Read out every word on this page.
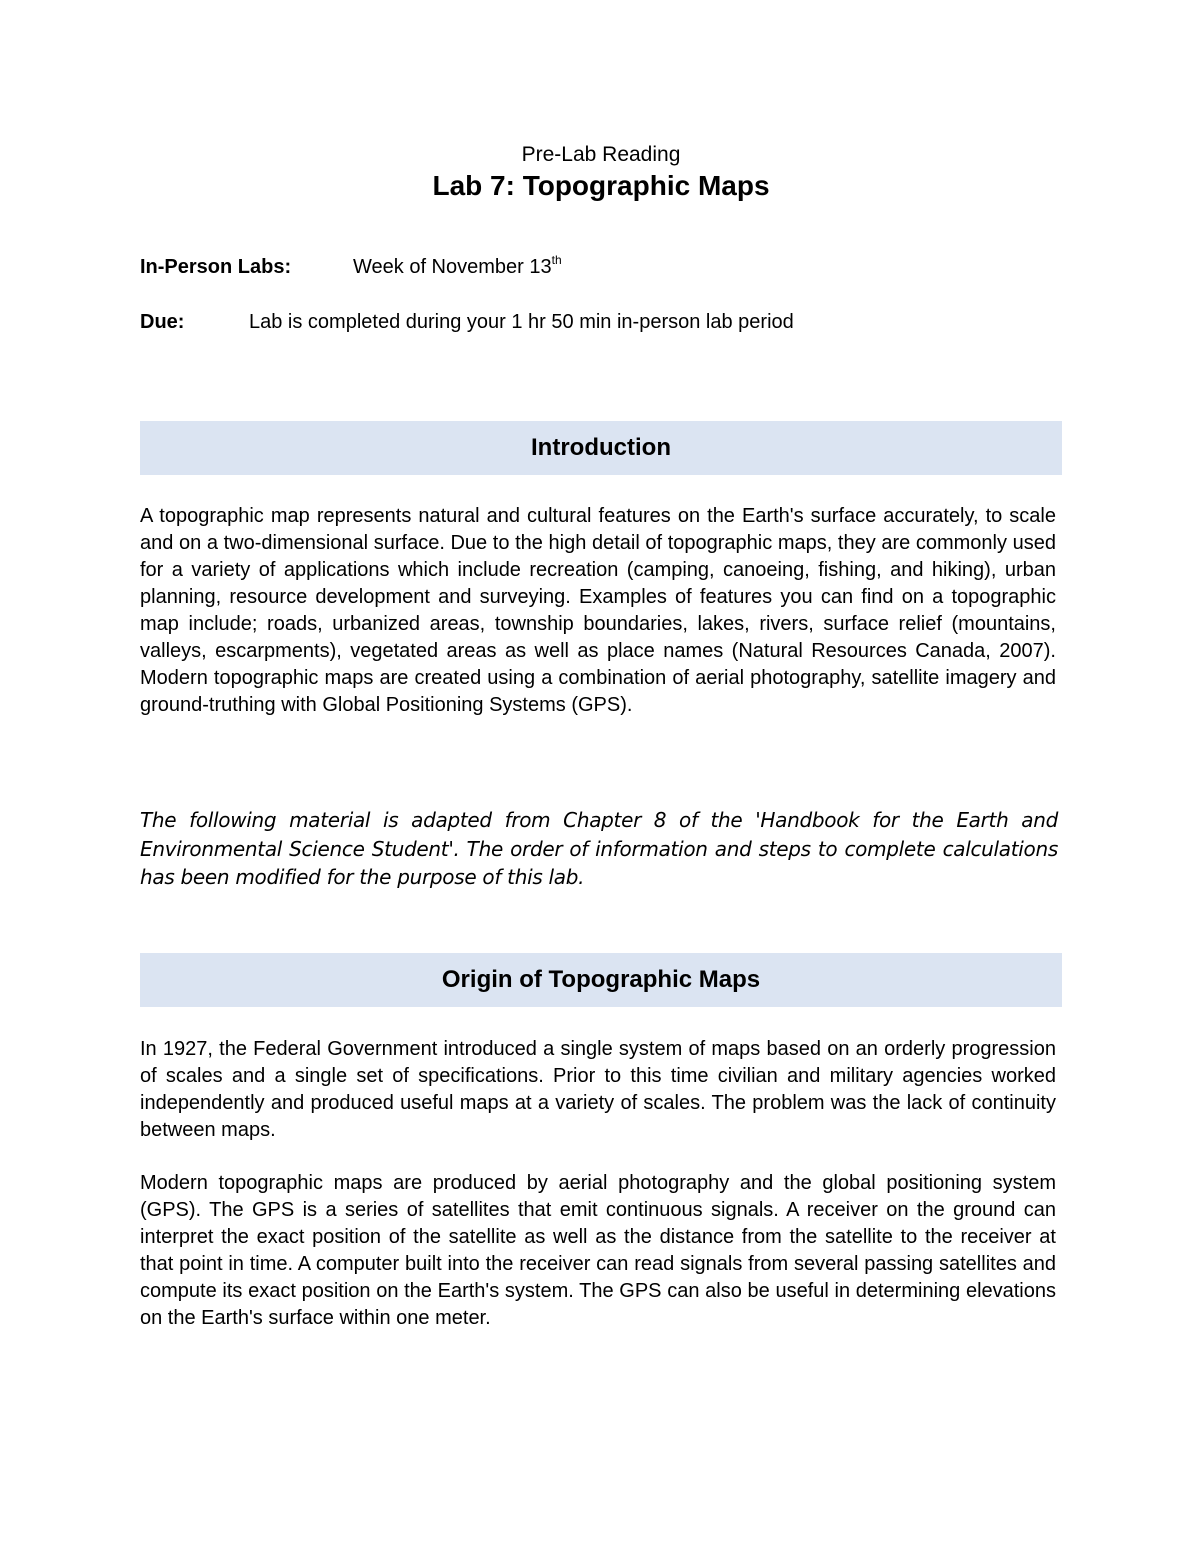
Pre-Lab Reading
Lab 7: Topographic Maps
In-Person Labs:	Week of November 13th
Due:	Lab is completed during your 1 hr 50 min in-person lab period
Introduction
A topographic map represents natural and cultural features on the Earth's surface accurately, to scale and on a two-dimensional surface. Due to the high detail of topographic maps, they are commonly used for a variety of applications which include recreation (camping, canoeing, fishing, and hiking), urban planning, resource development and surveying. Examples of features you can find on a topographic map include; roads, urbanized areas, township boundaries, lakes, rivers, surface relief (mountains, valleys, escarpments), vegetated areas as well as place names (Natural Resources Canada, 2007). Modern topographic maps are created using a combination of aerial photography, satellite imagery and ground-truthing with Global Positioning Systems (GPS).
The following material is adapted from Chapter 8 of the 'Handbook for the Earth and Environmental Science Student'. The order of information and steps to complete calculations has been modified for the purpose of this lab.
Origin of Topographic Maps
In 1927, the Federal Government introduced a single system of maps based on an orderly progression of scales and a single set of specifications. Prior to this time civilian and military agencies worked independently and produced useful maps at a variety of scales. The problem was the lack of continuity between maps.
Modern topographic maps are produced by aerial photography and the global positioning system (GPS). The GPS is a series of satellites that emit continuous signals. A receiver on the ground can interpret the exact position of the satellite as well as the distance from the satellite to the receiver at that point in time. A computer built into the receiver can read signals from several passing satellites and compute its exact position on the Earth's system. The GPS can also be useful in determining elevations on the Earth's surface within one meter.
